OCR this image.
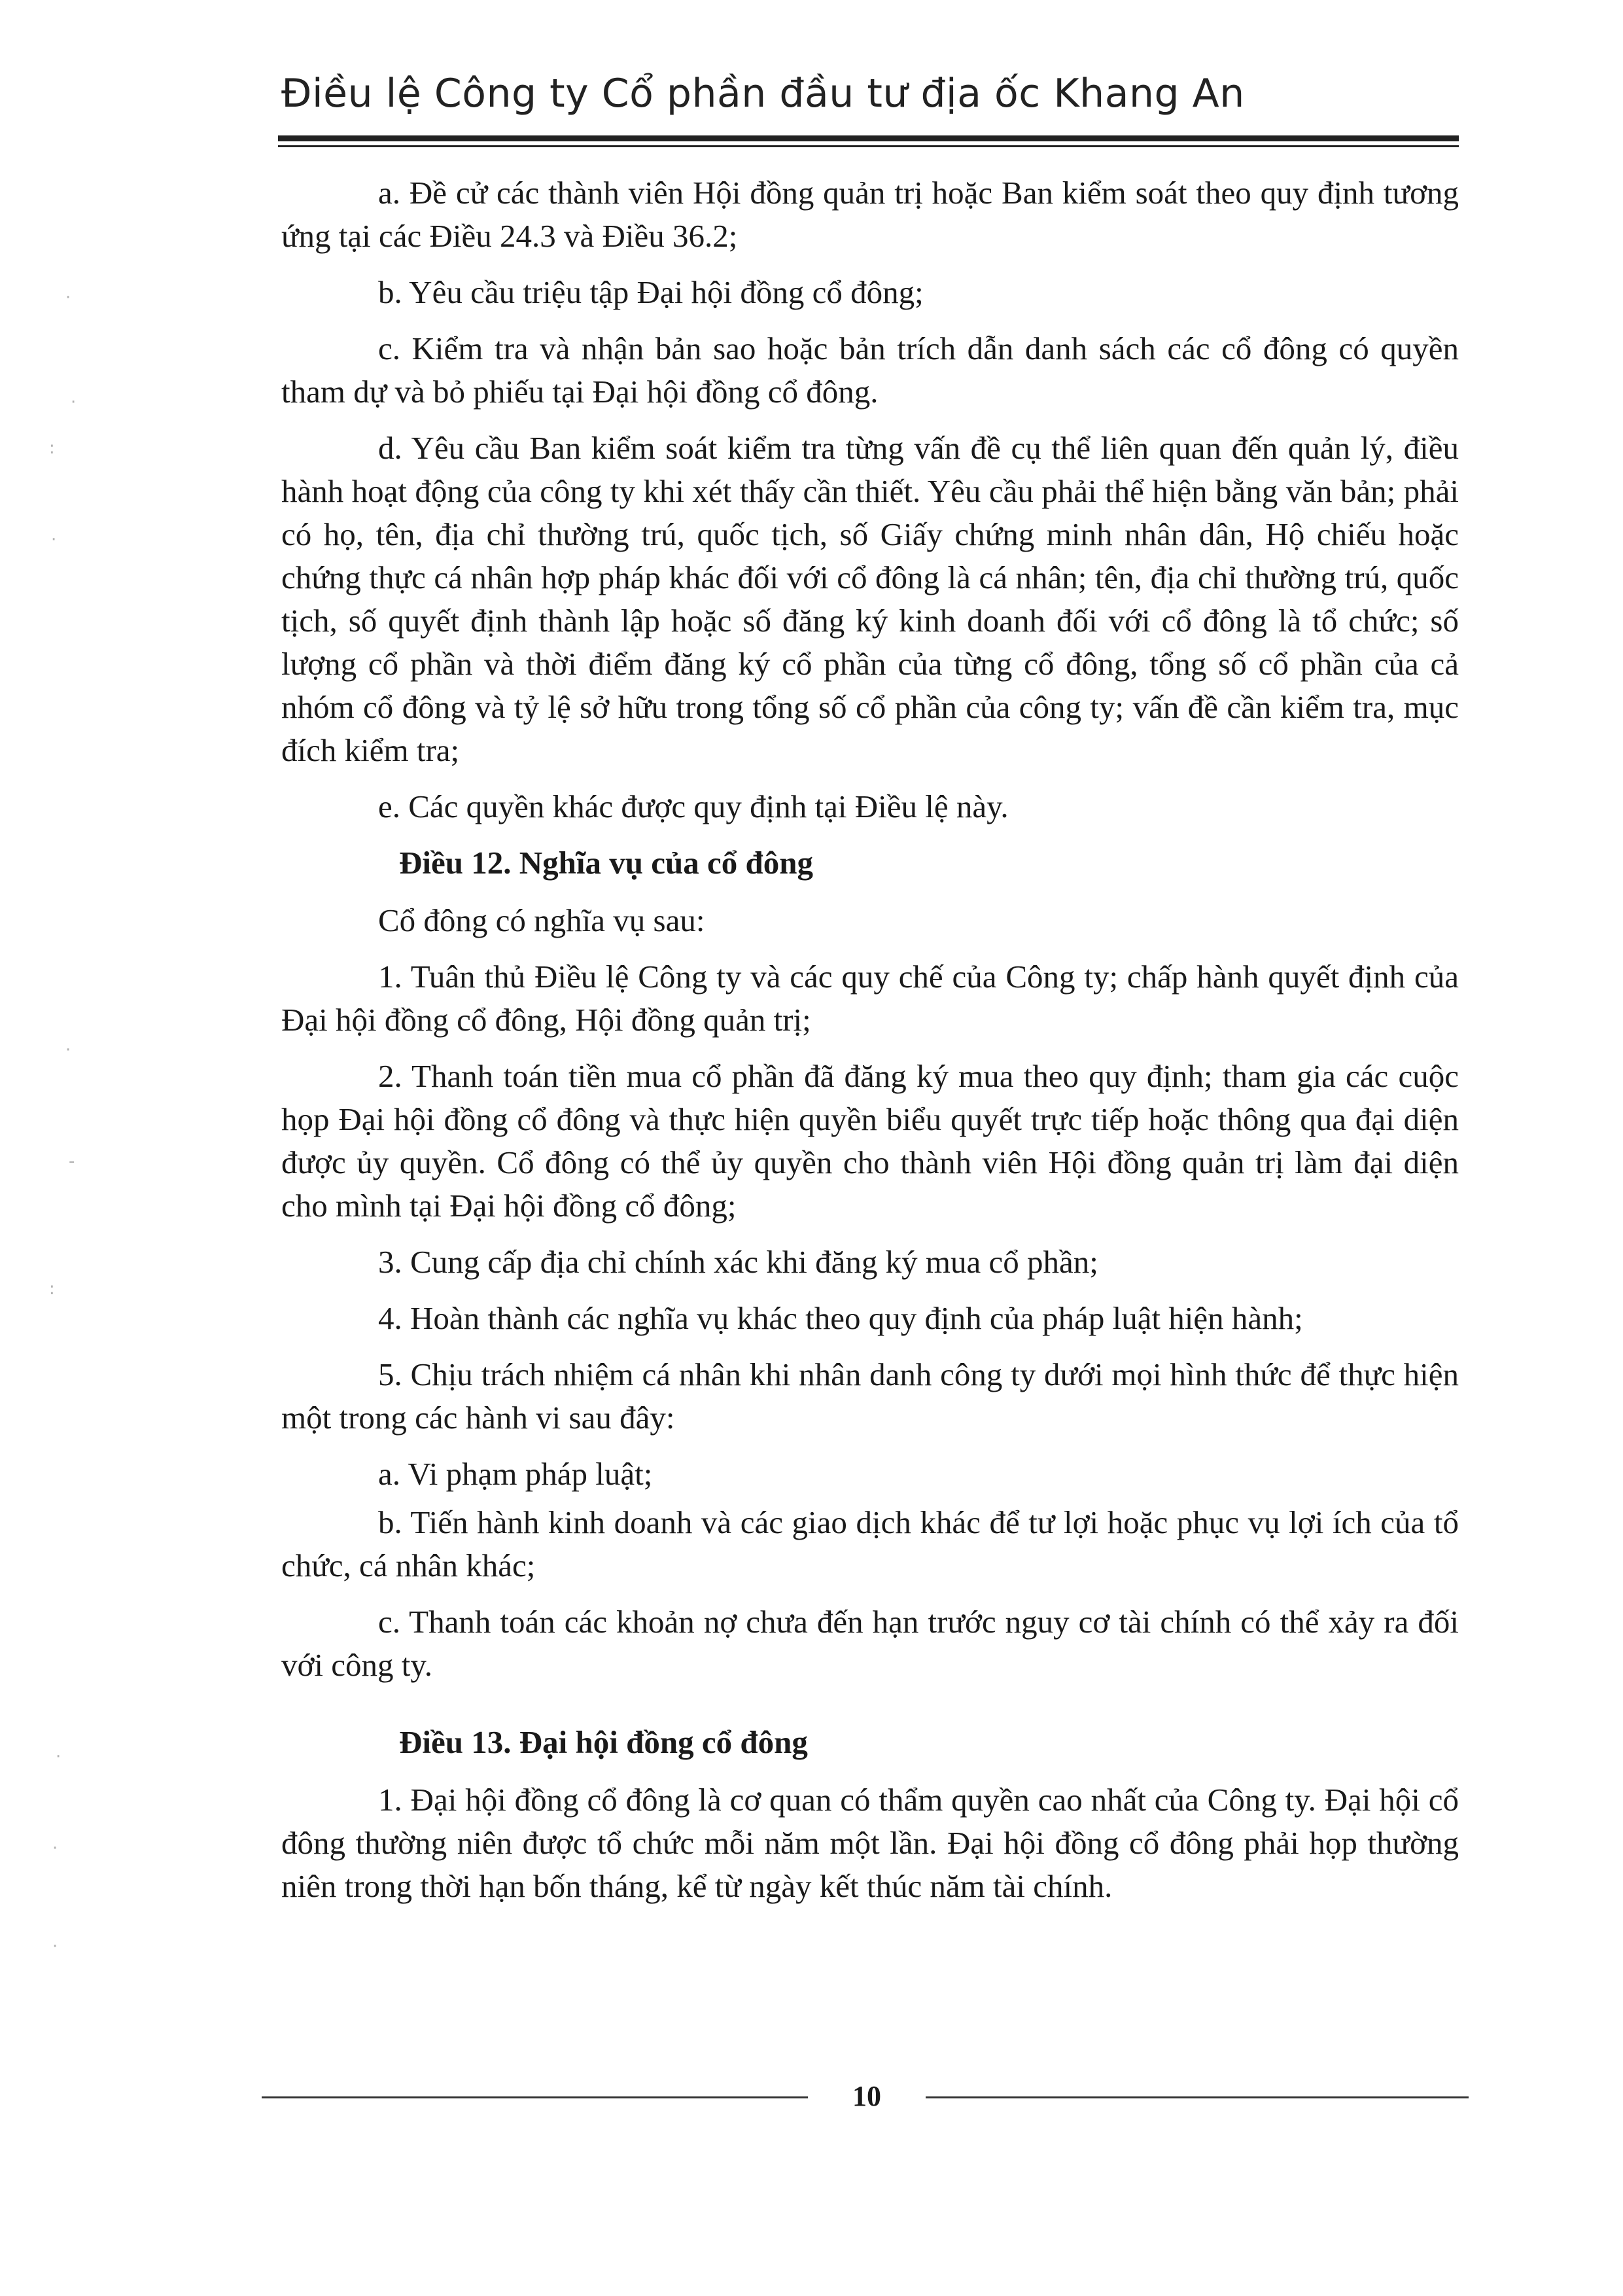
Điều lệ Công ty Cổ phần đầu tư địa ốc Khang An

a. Đề cử các thành viên Hội đồng quản trị hoặc Ban kiểm soát theo quy định tương ứng tại các Điều 24.3 và Điều 36.2;

b. Yêu cầu triệu tập Đại hội đồng cổ đông;

c. Kiểm tra và nhận bản sao hoặc bản trích dẫn danh sách các cổ đông có quyền tham dự và bỏ phiếu tại Đại hội đồng cổ đông.

d. Yêu cầu Ban kiểm soát kiểm tra từng vấn đề cụ thể liên quan đến quản lý, điều hành hoạt động của công ty khi xét thấy cần thiết. Yêu cầu phải thể hiện bằng văn bản; phải có họ, tên, địa chỉ thường trú, quốc tịch, số Giấy chứng minh nhân dân, Hộ chiếu hoặc chứng thực cá nhân hợp pháp khác đối với cổ đông là cá nhân; tên, địa chỉ thường trú, quốc tịch, số quyết định thành lập hoặc số đăng ký kinh doanh đối với cổ đông là tổ chức; số lượng cổ phần và thời điểm đăng ký cổ phần của từng cổ đông, tổng số cổ phần của cả nhóm cổ đông và tỷ lệ sở hữu trong tổng số cổ phần của công ty; vấn đề cần kiểm tra, mục đích kiểm tra;

e. Các quyền khác được quy định tại Điều lệ này.

Điều 12. Nghĩa vụ của cổ đông

Cổ đông có nghĩa vụ sau:

1. Tuân thủ Điều lệ Công ty và các quy chế của Công ty; chấp hành quyết định của Đại hội đồng cổ đông, Hội đồng quản trị;

2. Thanh toán tiền mua cổ phần đã đăng ký mua theo quy định; tham gia các cuộc họp Đại hội đồng cổ đông và thực hiện quyền biểu quyết trực tiếp hoặc thông qua đại diện được ủy quyền. Cổ đông có thể ủy quyền cho thành viên Hội đồng quản trị làm đại diện cho mình tại Đại hội đồng cổ đông;

3. Cung cấp địa chỉ chính xác khi đăng ký mua cổ phần;

4. Hoàn thành các nghĩa vụ khác theo quy định của pháp luật hiện hành;

5. Chịu trách nhiệm cá nhân khi nhân danh công ty dưới mọi hình thức để thực hiện một trong các hành vi sau đây:

a. Vi phạm pháp luật;

b. Tiến hành kinh doanh và các giao dịch khác để tư lợi hoặc phục vụ lợi ích của tổ chức, cá nhân khác;

c. Thanh toán các khoản nợ chưa đến hạn trước nguy cơ tài chính có thể xảy ra đối với công ty.

Điều 13. Đại hội đồng cổ đông

1. Đại hội đồng cổ đông là cơ quan có thẩm quyền cao nhất của Công ty. Đại hội cổ đông thường niên được tổ chức mỗi năm một lần. Đại hội đồng cổ đông phải họp thường niên trong thời hạn bốn tháng, kể từ ngày kết thúc năm tài chính.

10
·
·
:
·
·
-
:
·
·
·
